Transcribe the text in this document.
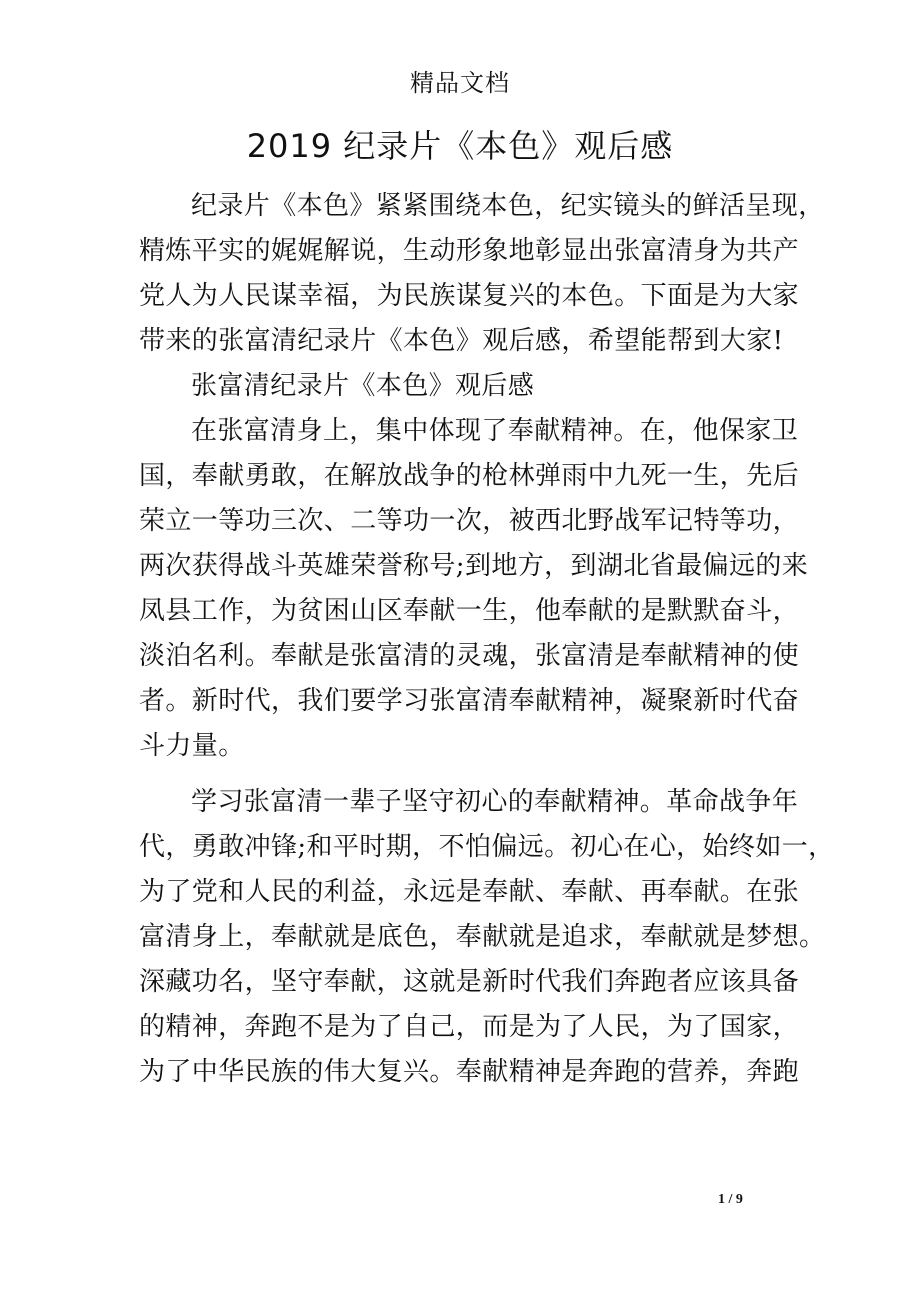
精品文档
2019 纪录片《本色》观后感
纪录片《本色》紧紧围绕本色，纪实镜头的鲜活呈现，
精炼平实的娓娓解说，生动形象地彰显出张富清身为共产
党人为人民谋幸福，为民族谋复兴的本色。下面是为大家
带来的张富清纪录片《本色》观后感，希望能帮到大家!
张富清纪录片《本色》观后感
在张富清身上，集中体现了奉献精神。在，他保家卫
国，奉献勇敢，在解放战争的枪林弹雨中九死一生，先后
荣立一等功三次、二等功一次，被西北野战军记特等功，
两次获得战斗英雄荣誉称号;到地方，到湖北省最偏远的来
凤县工作，为贫困山区奉献一生，他奉献的是默默奋斗，
淡泊名利。奉献是张富清的灵魂，张富清是奉献精神的使
者。新时代，我们要学习张富清奉献精神，凝聚新时代奋
斗力量。
学习张富清一辈子坚守初心的奉献精神。革命战争年
代，勇敢冲锋;和平时期，不怕偏远。初心在心，始终如一，
为了党和人民的利益，永远是奉献、奉献、再奉献。在张
富清身上，奉献就是底色，奉献就是追求，奉献就是梦想。
深藏功名，坚守奉献，这就是新时代我们奔跑者应该具备
的精神，奔跑不是为了自己，而是为了人民，为了国家，
为了中华民族的伟大复兴。奉献精神是奔跑的营养，奔跑
1 / 9
